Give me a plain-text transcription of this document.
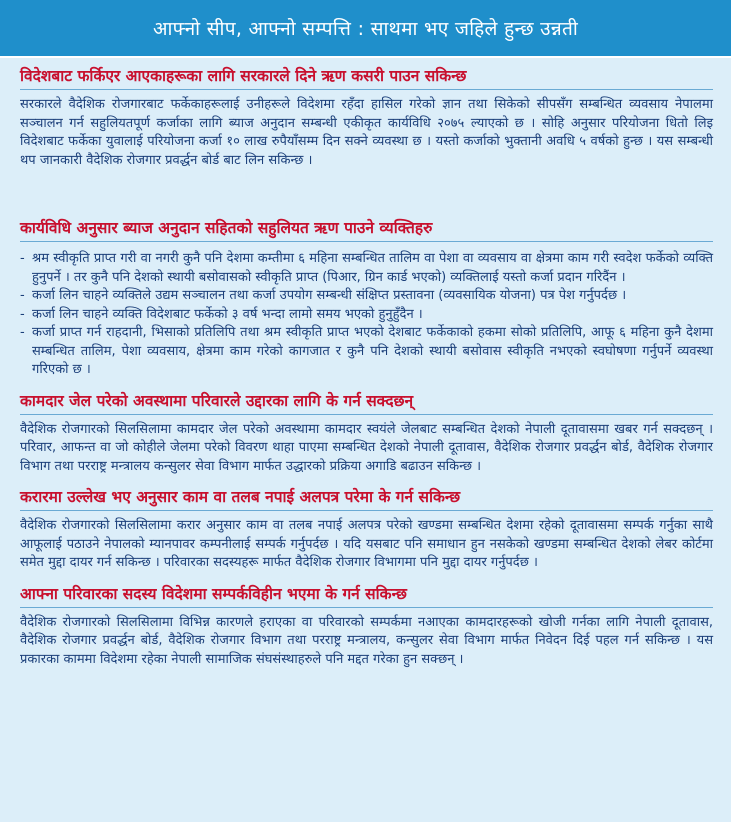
आफ्नो सीप, आफ्नो सम्पत्ति : साथमा भए जहिले हुन्छ उन्नती
विदेशबाट फर्किएर आएकाहरूका लागि सरकारले दिने ऋण कसरी पाउन सकिन्छ

सरकारले वैदेशिक रोजगारबाट फर्केकाहरूलाई उनीहरूले विदेशमा रहँदा हासिल गरेको ज्ञान तथा सिकेको सीपसँग सम्बन्धित व्यवसाय नेपालमा सञ्चालन गर्न सहुलियतपूर्ण कर्जाका लागि ब्याज अनुदान सम्बन्धी एकीकृत कार्यविधि २०७५ ल्याएको छ । सोहि अनुसार परियोजना धितो लिइ विदेशबाट फर्केका युवालाई परियोजना कर्जा १० लाख रुपैयाँसम्म दिन सक्ने व्यवस्था छ । यस्तो कर्जाको भुक्तानी अवधि ५ वर्षको हुन्छ । यस सम्बन्धी थप जानकारी वैदेशिक रोजगार प्रवर्द्धन बोर्ड बाट लिन सकिन्छ ।

कार्यविधि अनुसार ब्याज अनुदान सहितको सहुलियत ऋण पाउने व्यक्तिहरु
- श्रम स्वीकृति प्राप्त गरी वा नगरी कुनै पनि देशमा कम्तीमा ६ महिना सम्बन्धित तालिम वा पेशा वा व्यवसाय वा क्षेत्रमा काम गरी स्वदेश फर्केको व्यक्ति हुनुपर्ने । तर कुनै पनि देशको स्थायी बसोवासको स्वीकृति प्राप्त (पिआर, ग्रिन कार्ड भएको) व्यक्तिलाई यस्तो कर्जा प्रदान गरिदैंन ।
- कर्जा लिन चाहने व्यक्तिले उद्यम सञ्चालन तथा कर्जा उपयोग सम्बन्धी संक्षिप्त प्रस्तावना (व्यवसायिक योजना) पत्र पेश गर्नुपर्दछ ।
- कर्जा लिन चाहने व्यक्ति विदेशबाट फर्केको ३ वर्ष भन्दा लामो समय भएको हुनुहुँदैन ।
- कर्जा प्राप्त गर्न राहदानी, भिसाको प्रतिलिपि तथा श्रम स्वीकृति प्राप्त भएको देशबाट फर्केकाको हकमा सोको प्रतिलिपि, आफू ६ महिना कुनै देशमा सम्बन्धित तालिम, पेशा व्यवसाय, क्षेत्रमा काम गरेको कागजात र कुनै पनि देशको स्थायी बसोवास स्वीकृति नभएको स्वघोषणा गर्नुपर्ने व्यवस्था गरिएको छ ।
कामदार जेल परेको अवस्थामा परिवारले उद्दारका लागि के गर्न सक्दछन्

वैदेशिक रोजगारको सिलसिलामा कामदार जेल परेको अवस्थामा कामदार स्वयंले जेलबाट सम्बन्धित देशको नेपाली दूतावासमा खबर गर्न सक्दछन् । परिवार, आफन्त वा जो कोहीले जेलमा परेको विवरण थाहा पाएमा सम्बन्धित देशको नेपाली दूतावास, वैदेशिक रोजगार प्रवर्द्धन बोर्ड, वैदेशिक रोजगार विभाग तथा परराष्ट्र मन्त्रालय कन्सुलर सेवा विभाग मार्फत उद्धारको प्रक्रिया अगाडि बढाउन सकिन्छ ।

करारमा उल्लेख भए अनुसार काम वा तलब नपाई अलपत्र परेमा के गर्न सकिन्छ

वैदेशिक रोजगारको सिलसिलामा करार अनुसार काम वा तलब नपाई अलपत्र परेको खण्डमा सम्बन्धित देशमा रहेको दूतावासमा सम्पर्क गर्नुका साथै आफूलाई पठाउने नेपालको म्यानपावर कम्पनीलाई सम्पर्क गर्नुपर्दछ । यदि यसबाट पनि समाधान हुन नसकेको खण्डमा सम्बन्धित देशको लेबर कोर्टमा समेत मुद्दा दायर गर्न सकिन्छ । परिवारका सदस्यहरू मार्फत वैदेशिक रोजगार विभागमा पनि मुद्दा दायर गर्नुपर्दछ ।

आफ्ना परिवारका सदस्य विदेशमा सम्पर्कविहीन भएमा के गर्न सकिन्छ

वैदेशिक रोजगारको सिलसिलामा विभिन्न कारणले हराएका वा परिवारको सम्पर्कमा नआएका कामदारहरूको खोजी गर्नका लागि नेपाली दूतावास, वैदेशिक रोजगार प्रवर्द्धन बोर्ड, वैदेशिक रोजगार विभाग तथा परराष्ट्र मन्त्रालय, कन्सुलर सेवा विभाग मार्फत निवेदन दिई पहल गर्न सकिन्छ । यस प्रकारका काममा विदेशमा रहेका नेपाली सामाजिक संघसंस्थाहरुले पनि मद्दत गरेका हुन सक्छन् ।
